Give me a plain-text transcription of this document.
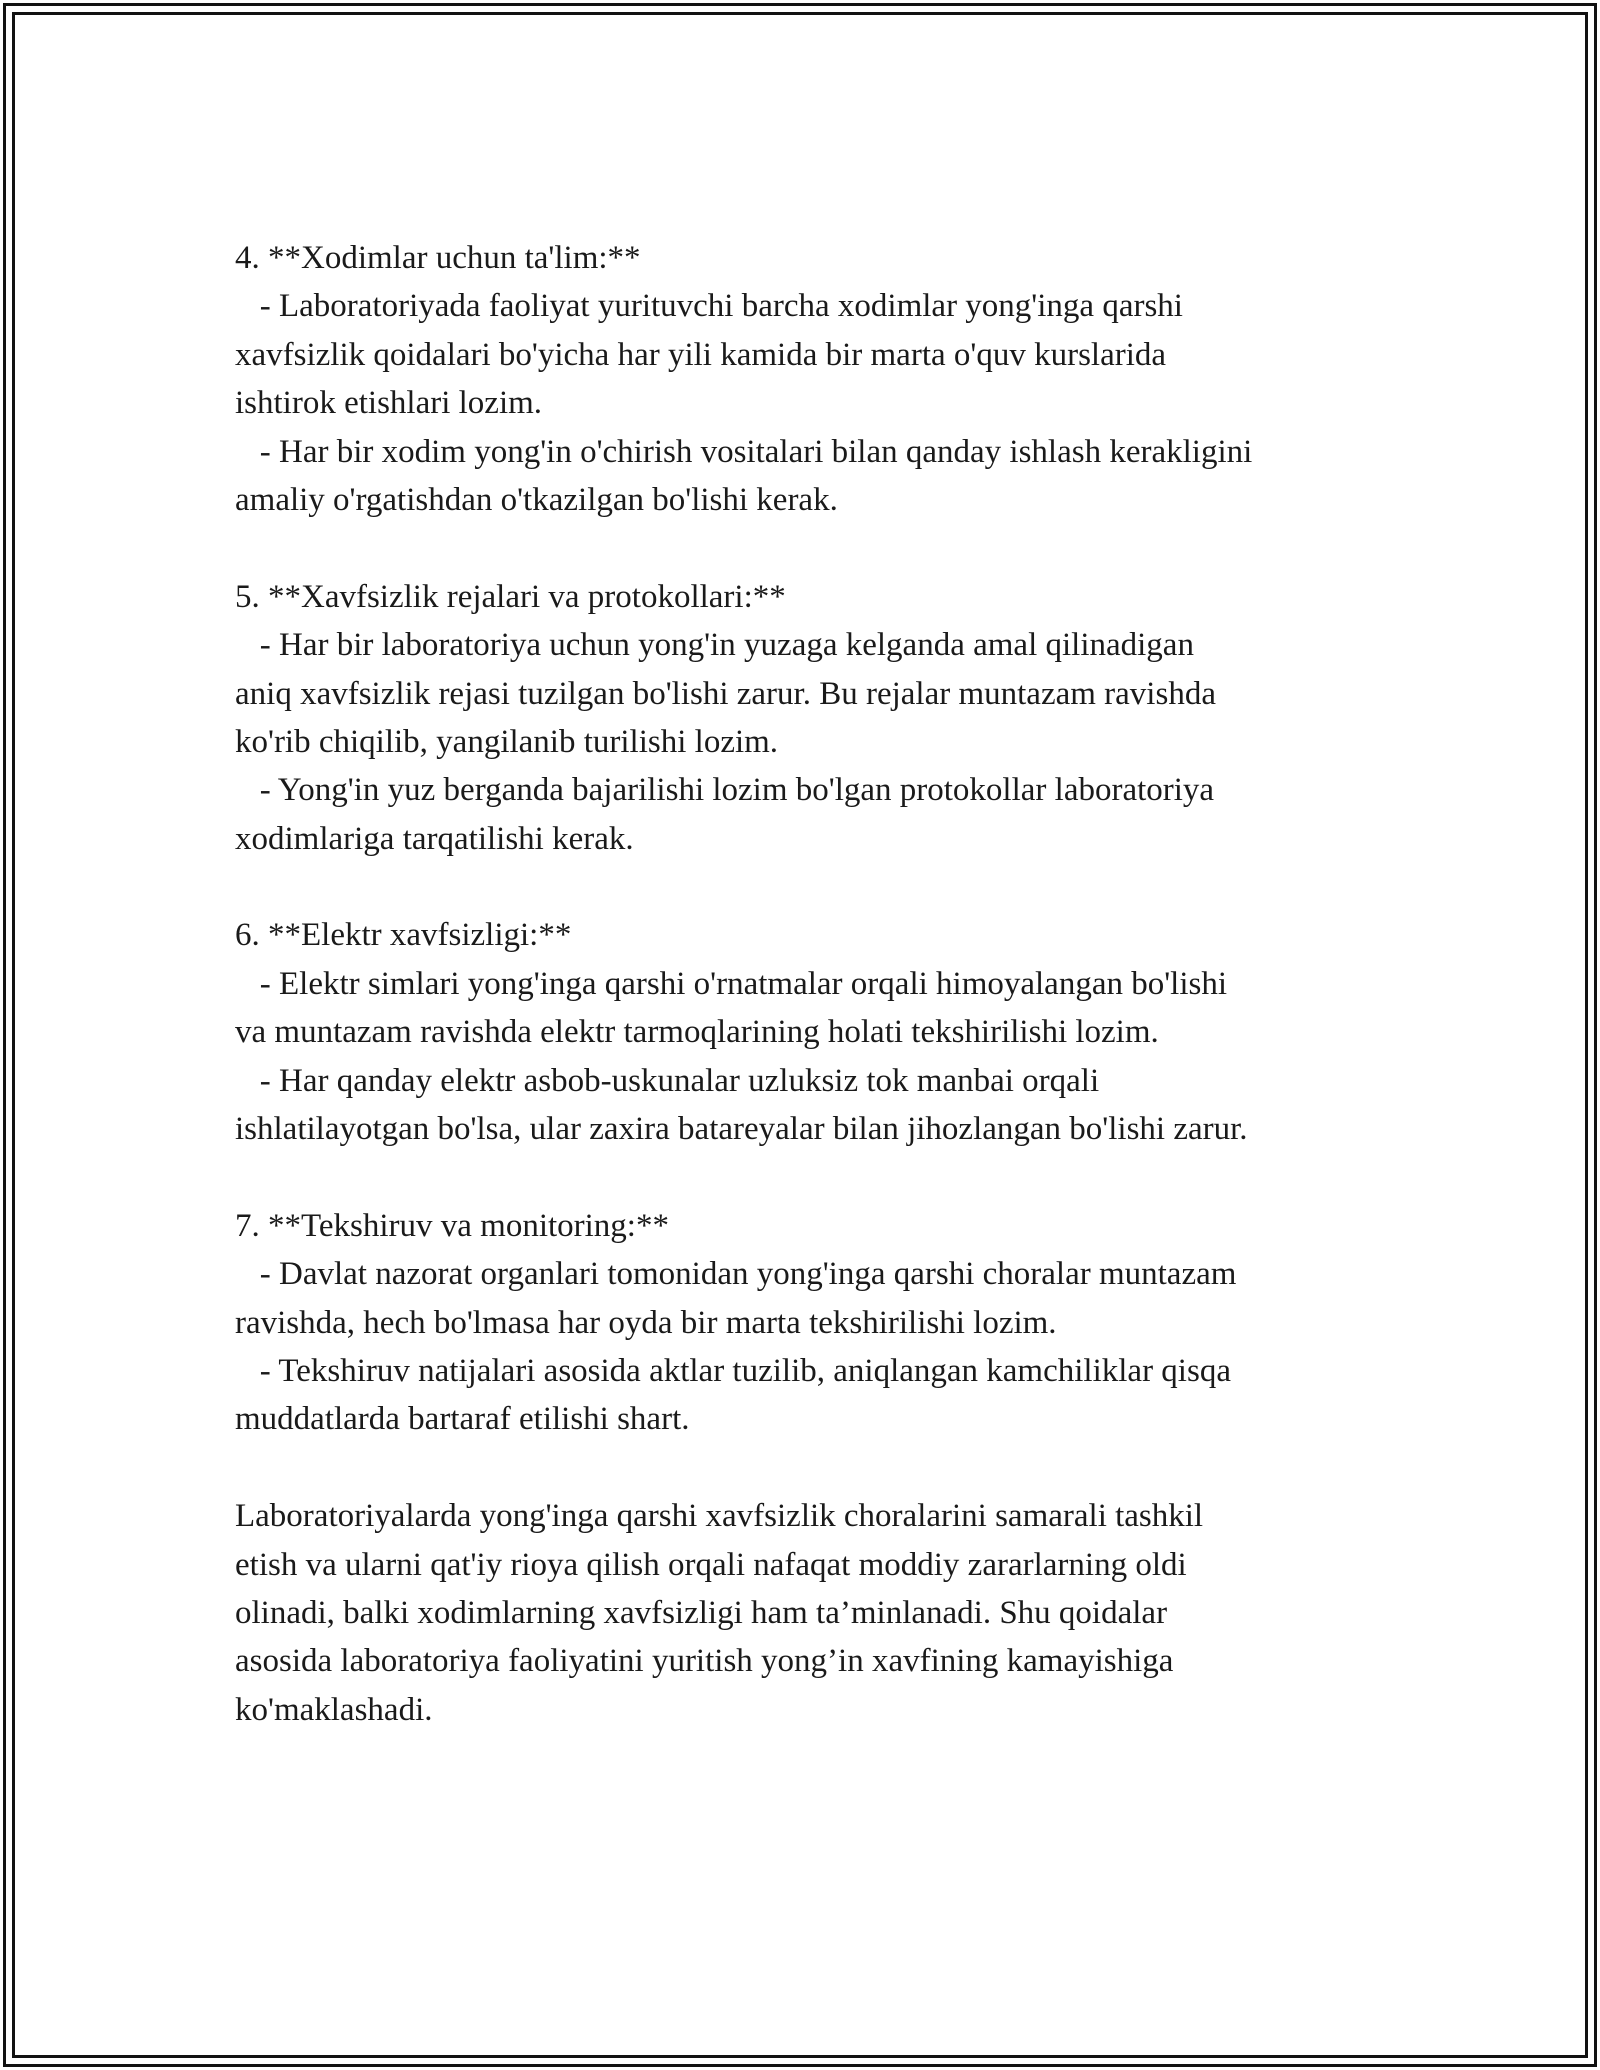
4. **Xodimlar uchun ta'lim:**

- Laboratoriyada faoliyat yurituvchi barcha xodimlar yong'inga qarshi

xavfsizlik qoidalari bo'yicha har yili kamida bir marta o'quv kurslarida

ishtirok etishlari lozim.

- Har bir xodim yong'in o'chirish vositalari bilan qanday ishlash kerakligini

amaliy o'rgatishdan o'tkazilgan bo'lishi kerak.

5. **Xavfsizlik rejalari va protokollari:**

- Har bir laboratoriya uchun yong'in yuzaga kelganda amal qilinadigan

aniq xavfsizlik rejasi tuzilgan bo'lishi zarur. Bu rejalar muntazam ravishda

ko'rib chiqilib, yangilanib turilishi lozim.

- Yong'in yuz berganda bajarilishi lozim bo'lgan protokollar laboratoriya

xodimlariga tarqatilishi kerak.

6. **Elektr xavfsizligi:**

- Elektr simlari yong'inga qarshi o'rnatmalar orqali himoyalangan bo'lishi

va muntazam ravishda elektr tarmoqlarining holati tekshirilishi lozim.

- Har qanday elektr asbob-uskunalar uzluksiz tok manbai orqali

ishlatilayotgan bo'lsa, ular zaxira batareyalar bilan jihozlangan bo'lishi zarur.

7. **Tekshiruv va monitoring:**

- Davlat nazorat organlari tomonidan yong'inga qarshi choralar muntazam

ravishda, hech bo'lmasa har oyda bir marta tekshirilishi lozim.

- Tekshiruv natijalari asosida aktlar tuzilib, aniqlangan kamchiliklar qisqa

muddatlarda bartaraf etilishi shart.

Laboratoriyalarda yong'inga qarshi xavfsizlik choralarini samarali tashkil

etish va ularni qat'iy rioya qilish orqali nafaqat moddiy zararlarning oldi

olinadi, balki xodimlarning xavfsizligi ham ta’minlanadi. Shu qoidalar

asosida laboratoriya faoliyatini yuritish yong’in xavfining kamayishiga

ko'maklashadi.
